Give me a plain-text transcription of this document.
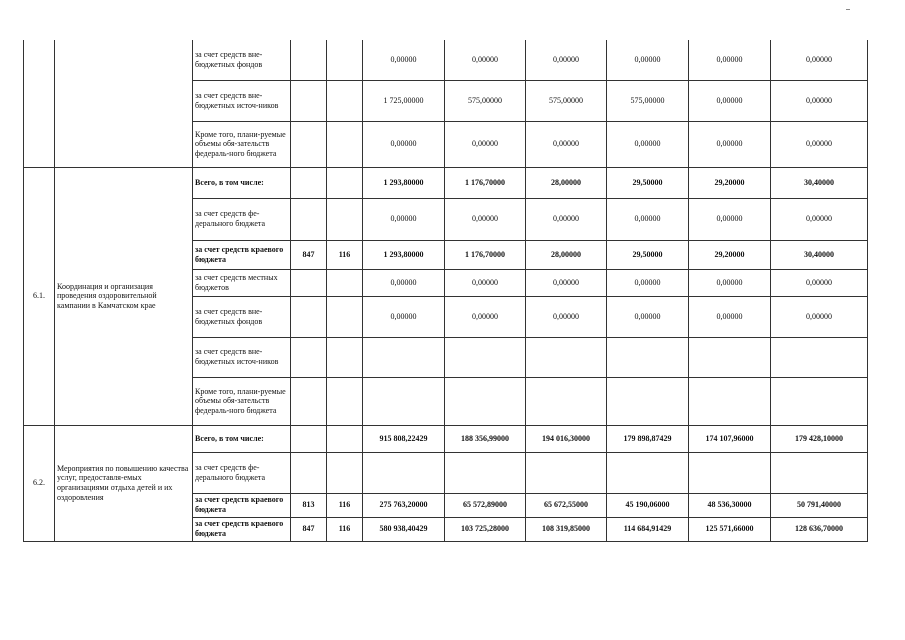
		за счет средств вне-бюджетных фондов			0,00000	0,00000	0,00000	0,00000	0,00000	0,00000
		за счет средств вне-бюджетных источ-ников			1 725,00000	575,00000	575,00000	575,00000	0,00000	0,00000
		Кроме того, плани-руемые объемы обя-зательств федераль-ного бюджета			0,00000	0,00000	0,00000	0,00000	0,00000	0,00000
6.1.	Координация и организация проведения оздоровительной кампании в Камчатском крае	Всего, в том числе:			1 293,80000	1 176,70000	28,00000	29,50000	29,20000	30,40000
		за счет средств фе-дерального бюджета			0,00000	0,00000	0,00000	0,00000	0,00000	0,00000
		за счет средств краевого бюджета	847	116	1 293,80000	1 176,70000	28,00000	29,50000	29,20000	30,40000
		за счет средств местных бюджетов			0,00000	0,00000	0,00000	0,00000	0,00000	0,00000
		за счет средств вне-бюджетных фондов			0,00000	0,00000	0,00000	0,00000	0,00000	0,00000
		за счет средств вне-бюджетных источ-ников								
		Кроме того, плани-руемые объемы обя-зательств федераль-ного бюджета								
6.2.	Мероприятия по повышению качества услуг, предоставля-емых организациями отдыха детей и их оздоровления	Всего, в том числе:			915 808,22429	188 356,99000	194 016,30000	179 898,87429	174 107,96000	179 428,10000
		за счет средств фе-дерального бюджета								
		за счет средств краевого бюджета	813	116	275 763,20000	65 572,89000	65 672,55000	45 190,06000	48 536,30000	50 791,40000
		за счет средств краевого бюджета	847	116	580 938,40429	103 725,28000	108 319,85000	114 684,91429	125 571,66000	128 636,70000
